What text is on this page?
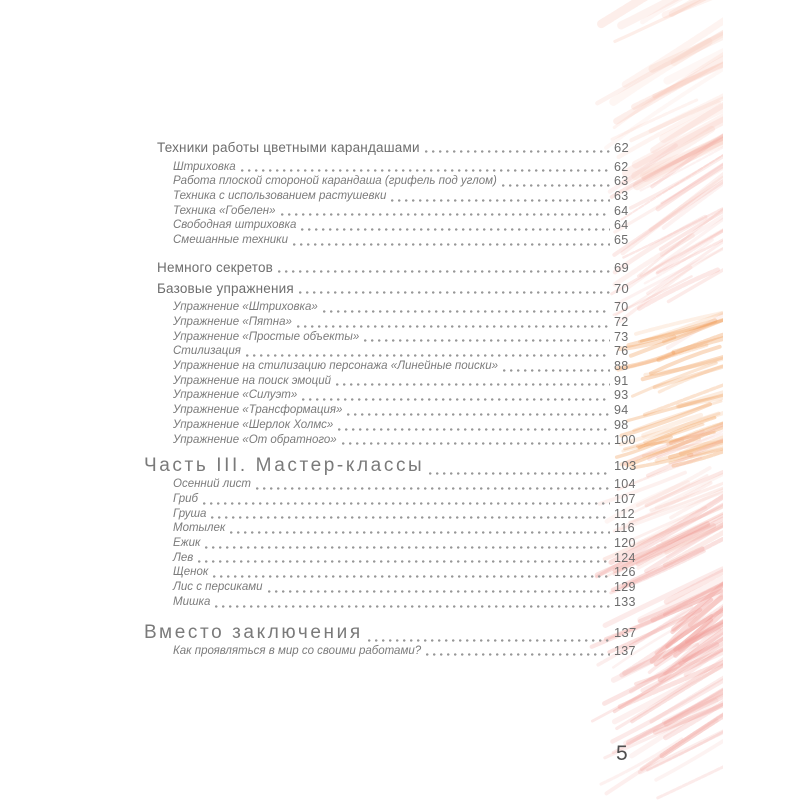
Техники работы цветными карандашами	62
Штриховка	62
Работа плоской стороной карандаша (грифель под углом)	63
Техника с использованием растушевки	63
Техника «Гобелен»	64
Свободная штриховка	64
Смешанные техники	65
Немного секретов	69
Базовые упражнения	70
Упражнение «Штриховка»	70
Упражнение «Пятна»	72
Упражнение «Простые объекты»	73
Стилизация	76
Упражнение на стилизацию персонажа «Линейные поиски»	88
Упражнение на поиск эмоций	91
Упражнение «Силуэт»	93
Упражнение «Трансформация»	94
Упражнение «Шерлок Холмс»	98
Упражнение «От обратного»	100
Часть III. Мастер-классы	103
Осенний лист	104
Гриб	107
Груша	112
Мотылек	116
Ежик	120
Лев	124
Щенок	126
Лис с персиками	129
Мишка	133
Вместо заключения	137
Как проявляться в мир со своими работами?	137
5
